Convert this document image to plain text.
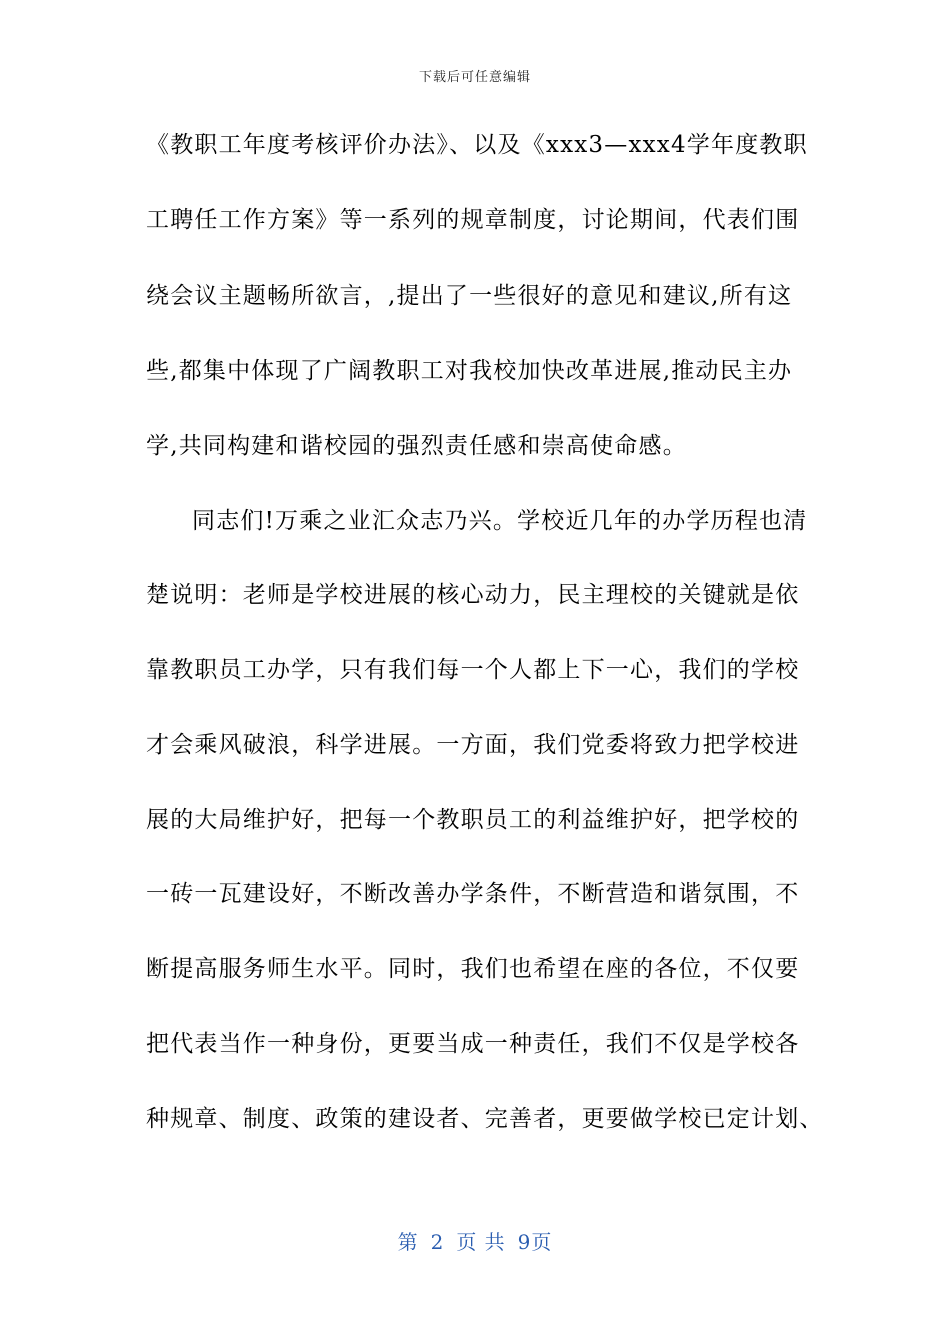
下载后可任意编辑
《教职工年度考核评价办法》、以及《xxx3—xxx4学年度教职
工聘任工作方案》等一系列的规章制度，讨论期间，代表们围
绕会议主题畅所欲言，,提出了一些很好的意见和建议,所有这
些,都集中体现了广阔教职工对我校加快改革进展,推动民主办
学,共同构建和谐校园的强烈责任感和崇高使命感。
同志们!万乘之业汇众志乃兴。学校近几年的办学历程也清
楚说明：老师是学校进展的核心动力，民主理校的关键就是依
靠教职员工办学，只有我们每一个人都上下一心，我们的学校
才会乘风破浪，科学进展。一方面，我们党委将致力把学校进
展的大局维护好，把每一个教职员工的利益维护好，把学校的
一砖一瓦建设好，不断改善办学条件，不断营造和谐氛围，不
断提高服务师生水平。同时，我们也希望在座的各位，不仅要
把代表当作一种身份，更要当成一种责任，我们不仅是学校各
种规章、制度、政策的建设者、完善者，更要做学校已定计划、
第 2 页 共 9页
